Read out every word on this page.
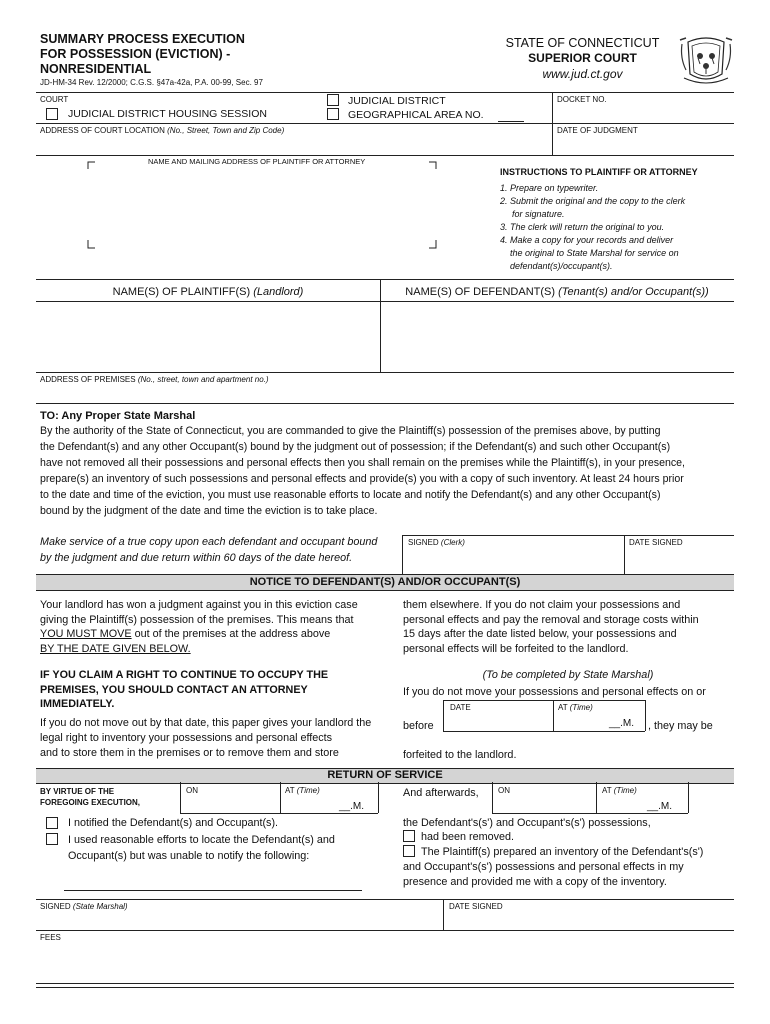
SUMMARY PROCESS EXECUTION
FOR POSSESSION (EVICTION) -
NONRESIDENTIAL
JD-HM-34 Rev. 12/2000; C.G.S. §47a-42a, P.A. 00-99, Sec. 97
STATE OF CONNECTICUT
SUPERIOR COURT
www.jud.ct.gov
COURT
JUDICIAL DISTRICT HOUSING SESSION
JUDICIAL DISTRICT
GEOGRAPHICAL AREA NO.
DOCKET NO.
ADDRESS OF COURT LOCATION (No., Street, Town and Zip Code)	DATE OF JUDGMENT
NAME AND MAILING ADDRESS OF PLAINTIFF OR ATTORNEY
INSTRUCTIONS TO PLAINTIFF OR ATTORNEY
1. Prepare on typewriter.
2. Submit the original and the copy to the clerk
for signature.
3. The clerk will return the original to you.
4. Make a copy for your records and deliver
the original to State Marshal for service on
defendant(s)/occupant(s).
NAME(S) OF PLAINTIFF(S) (Landlord)	NAME(S) OF DEFENDANT(S) (Tenant(s) and/or Occupant(s))
ADDRESS OF PREMISES (No., street, town and apartment no.)
TO: Any Proper State Marshal
By the authority of the State of Connecticut, you are commanded to give the Plaintiff(s) possession of the premises above, by putting
the Defendant(s) and any other Occupant(s) bound by the judgment out of possession; if the Defendant(s) and such other Occupant(s)
have not removed all their possessions and personal effects then you shall remain on the premises while the Plaintiff(s), in your presence,
prepare(s) an inventory of such possessions and personal effects and provide(s) you with a copy of such inventory. At least 24 hours prior
to the date and time of the eviction, you must use reasonable efforts to locate and notify the Defendant(s) and any other Occupant(s)
bound by the judgment of the date and time the eviction is to take place.
Make service of a true copy upon each defendant and occupant bound
by the judgment and due return within 60 days of the date hereof.
SIGNED (Clerk)	DATE SIGNED
NOTICE TO DEFENDANT(S) AND/OR OCCUPANT(S)
Your landlord has won a judgment against you in this eviction case
giving the Plaintiff(s) possession of the premises. This means that
YOU MUST MOVE out of the premises at the address above
BY THE DATE GIVEN BELOW.
IF YOU CLAIM A RIGHT TO CONTINUE TO OCCUPY THE
PREMISES, YOU SHOULD CONTACT AN ATTORNEY
IMMEDIATELY.
If you do not move out by that date, this paper gives your landlord the
legal right to inventory your possessions and personal effects
and to store them in the premises or to remove them and store
them elsewhere. If you do not claim your possessions and
personal effects and pay the removal and storage costs within
15 days after the date listed below, your possessions and
personal effects will be forfeited to the landlord.
(To be completed by State Marshal)
If you do not move your possessions and personal effects on or
DATE	AT (Time)
before	__.M. , they may be
forfeited to the landlord.
RETURN OF SERVICE
BY VIRTUE OF THE
FOREGOING EXECUTION,
ON	AT (Time)
__.M.
And afterwards, ON	AT (Time)
__.M.
I notified the Defendant(s) and Occupant(s).
I used reasonable efforts to locate the Defendant(s) and
Occupant(s) but was unable to notify the following:
the Defendant's(s') and Occupant's(s') possessions,
had been removed.
The Plaintiff(s) prepared an inventory of the Defendant's(s')
and Occupant's(s') possessions and personal effects in my
presence and provided me with a copy of the inventory.
SIGNED (State Marshal)	DATE SIGNED
FEES
